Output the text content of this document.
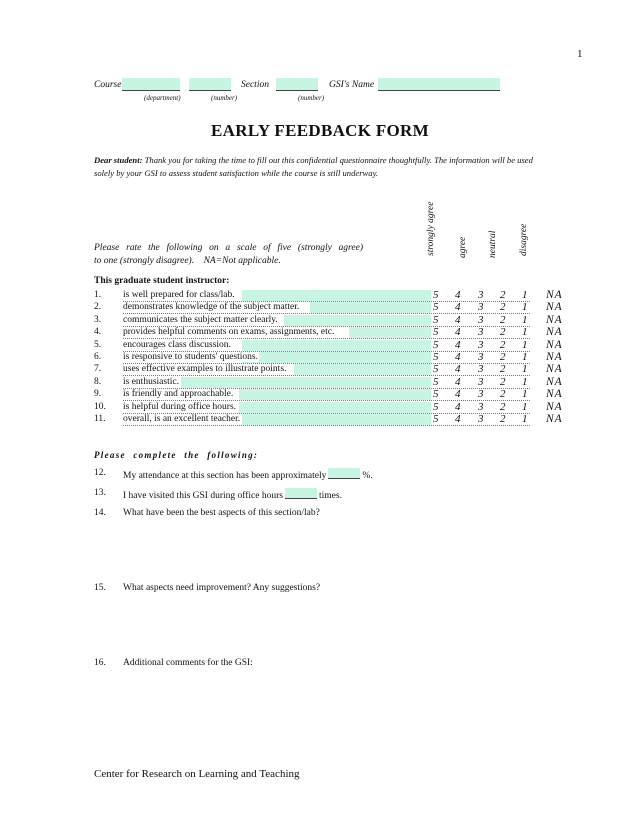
1
Course	Section	GSI's Name
(department)	(number)	(number)
EARLY FEEDBACK FORM
Dear student: Thank you for taking the time to fill out this confidential questionnaire thoughtfully. The information will be used
solely by your GSI to assess student satisfaction while the course is still underway.
strongly agree agree neutral disagree
Please rate the following on a scale of five (strongly agree)
to one (strongly disagree). NA=Not applicable.
This graduate student instructor:
1. is well prepared for class/lab.	5 4 3 2 1 NA
2. demonstrates knowledge of the subject matter.	5 4 3 2 1 NA
3. communicates the subject matter clearly.	5 4 3 2 1 NA
4. provides helpful comments on exams, assignments, etc.	5 4 3 2 1 NA
5. encourages class discussion.	5 4 3 2 1 NA
6. is responsive to students' questions.	5 4 3 2 1 NA
7. uses effective examples to illustrate points.	5 4 3 2 1 NA
8. is enthusiastic.	5 4 3 2 1 NA
9. is friendly and approachable.	5 4 3 2 1 NA
10. is helpful during office hours.	5 4 3 2 1 NA
11. overall, is an excellent teacher.	5 4 3 2 1 NA
Please complete the following:
12. My attendance at this section has been approximately	%.
13. I have visited this GSI during office hours	times.
14. What have been the best aspects of this section/lab?
15. What aspects need improvement? Any suggestions?
16. Additional comments for the GSI:
Center for Research on Learning and Teaching
